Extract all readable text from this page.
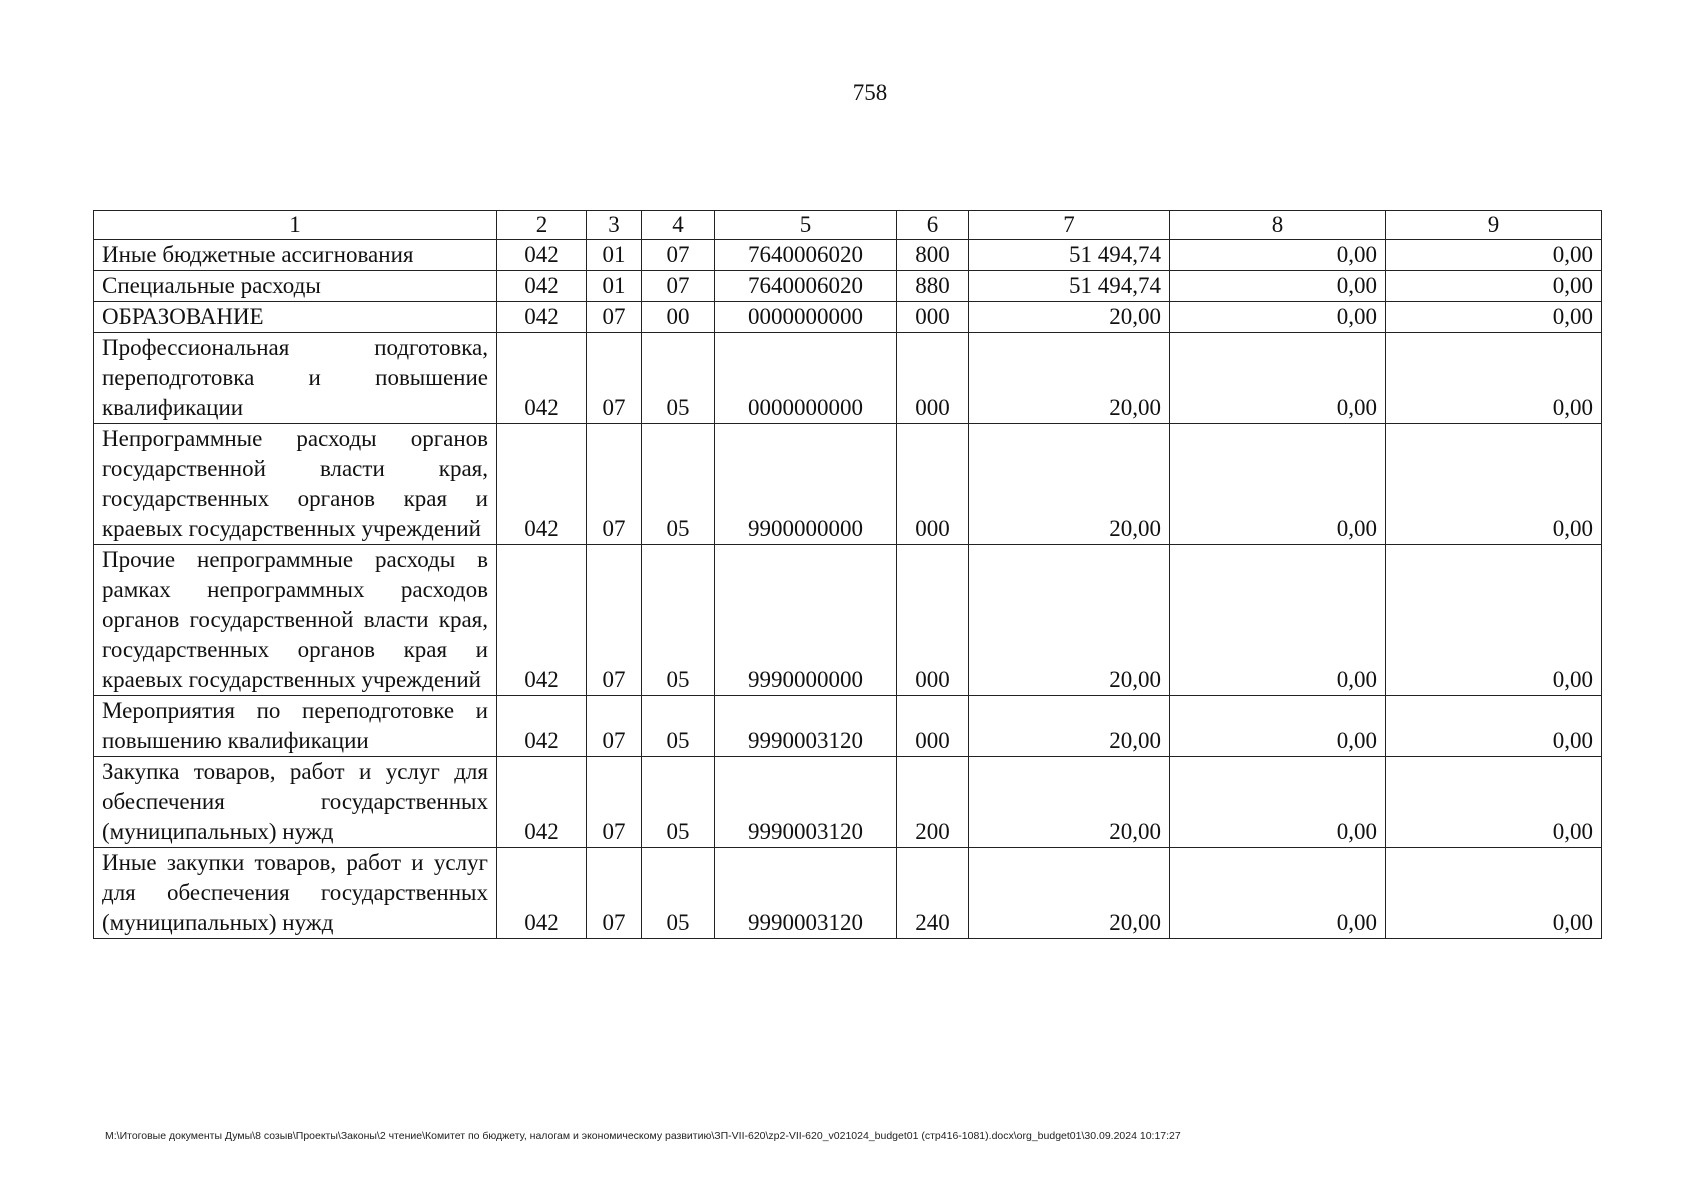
758
1	2	3	4	5	6	7	8	9
Иные бюджетные ассигнования	042	01	07	7640006020	800	51 494,74	0,00	0,00
Специальные расходы	042	01	07	7640006020	880	51 494,74	0,00	0,00
ОБРАЗОВАНИЕ	042	07	00	0000000000	000	20,00	0,00	0,00
Профессиональная подготовка, переподготовка и повышение квалификации	042	07	05	0000000000	000	20,00	0,00	0,00
Непрограммные расходы органов государственной власти края, государственных органов края и краевых государственных учреждений	042	07	05	9900000000	000	20,00	0,00	0,00
Прочие непрограммные расходы в рамках непрограммных расходов органов государственной власти края, государственных органов края и краевых государственных учреждений	042	07	05	9990000000	000	20,00	0,00	0,00
Мероприятия по переподготовке и повышению квалификации	042	07	05	9990003120	000	20,00	0,00	0,00
Закупка товаров, работ и услуг для обеспечения государственных (муниципальных) нужд	042	07	05	9990003120	200	20,00	0,00	0,00
Иные закупки товаров, работ и услуг для обеспечения государственных (муниципальных) нужд	042	07	05	9990003120	240	20,00	0,00	0,00
M:\Итоговые документы Думы\8 созыв\Проекты\Законы\2 чтение\Комитет по бюджету, налогам и экономическому развитию\ЗП-VII-620\zp2-VII-620_v021024_budget01 (стр416-1081).docx\org_budget01\30.09.2024 10:17:27
